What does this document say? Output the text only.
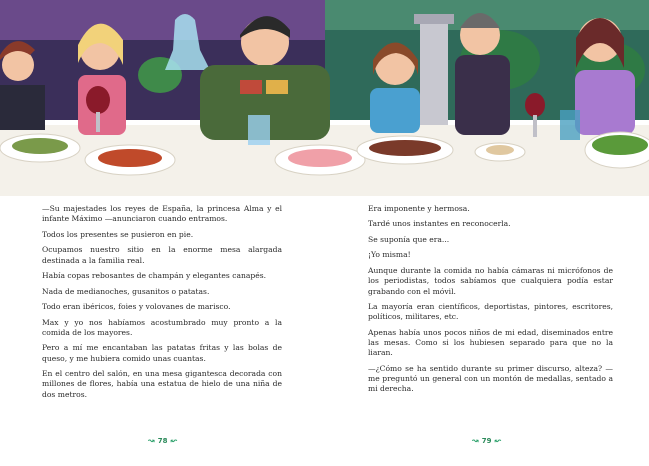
—Su majestades los reyes de España, la princesa Alma y el infante Máximo —anunciaron cuando entramos.

Todos los presentes se pusieron en pie.

Ocupamos nuestro sitio en la enorme mesa alargada destinada a la familia real.

Había copas rebosantes de champán y elegantes canapés.

Nada de medianoches, gusanitos o patatas.

Todo eran ibéricos, foies y volovanes de marisco.

Max y yo nos habíamos acostumbrado muy pronto a la comida de los mayores.

Pero a mí me encantaban las patatas fritas y las bolas de queso, y me hubiera comido unas cuantas.

En el centro del salón, en una mesa gigantesca decorada con millones de flores, había una estatua de hielo de una niña de dos metros.

↝ 78 ↜

Era imponente y hermosa.

Tardé unos instantes en reconocerla.

Se suponía que era...

¡Yo misma!

Aunque durante la comida no había cámaras ni micrófonos de los periodistas, todos sabíamos que cualquiera podía estar grabando con el móvil.

La mayoría eran científicos, deportistas, pintores, escritores, políticos, militares, etc.

Apenas había unos pocos niños de mi edad, diseminados entre las mesas. Como si los hubiesen separado para que no la liaran.

—¿Cómo se ha sentido durante su primer discurso, alteza? —me preguntó un general con un montón de medallas, sentado a mi derecha.

↝ 79 ↜
